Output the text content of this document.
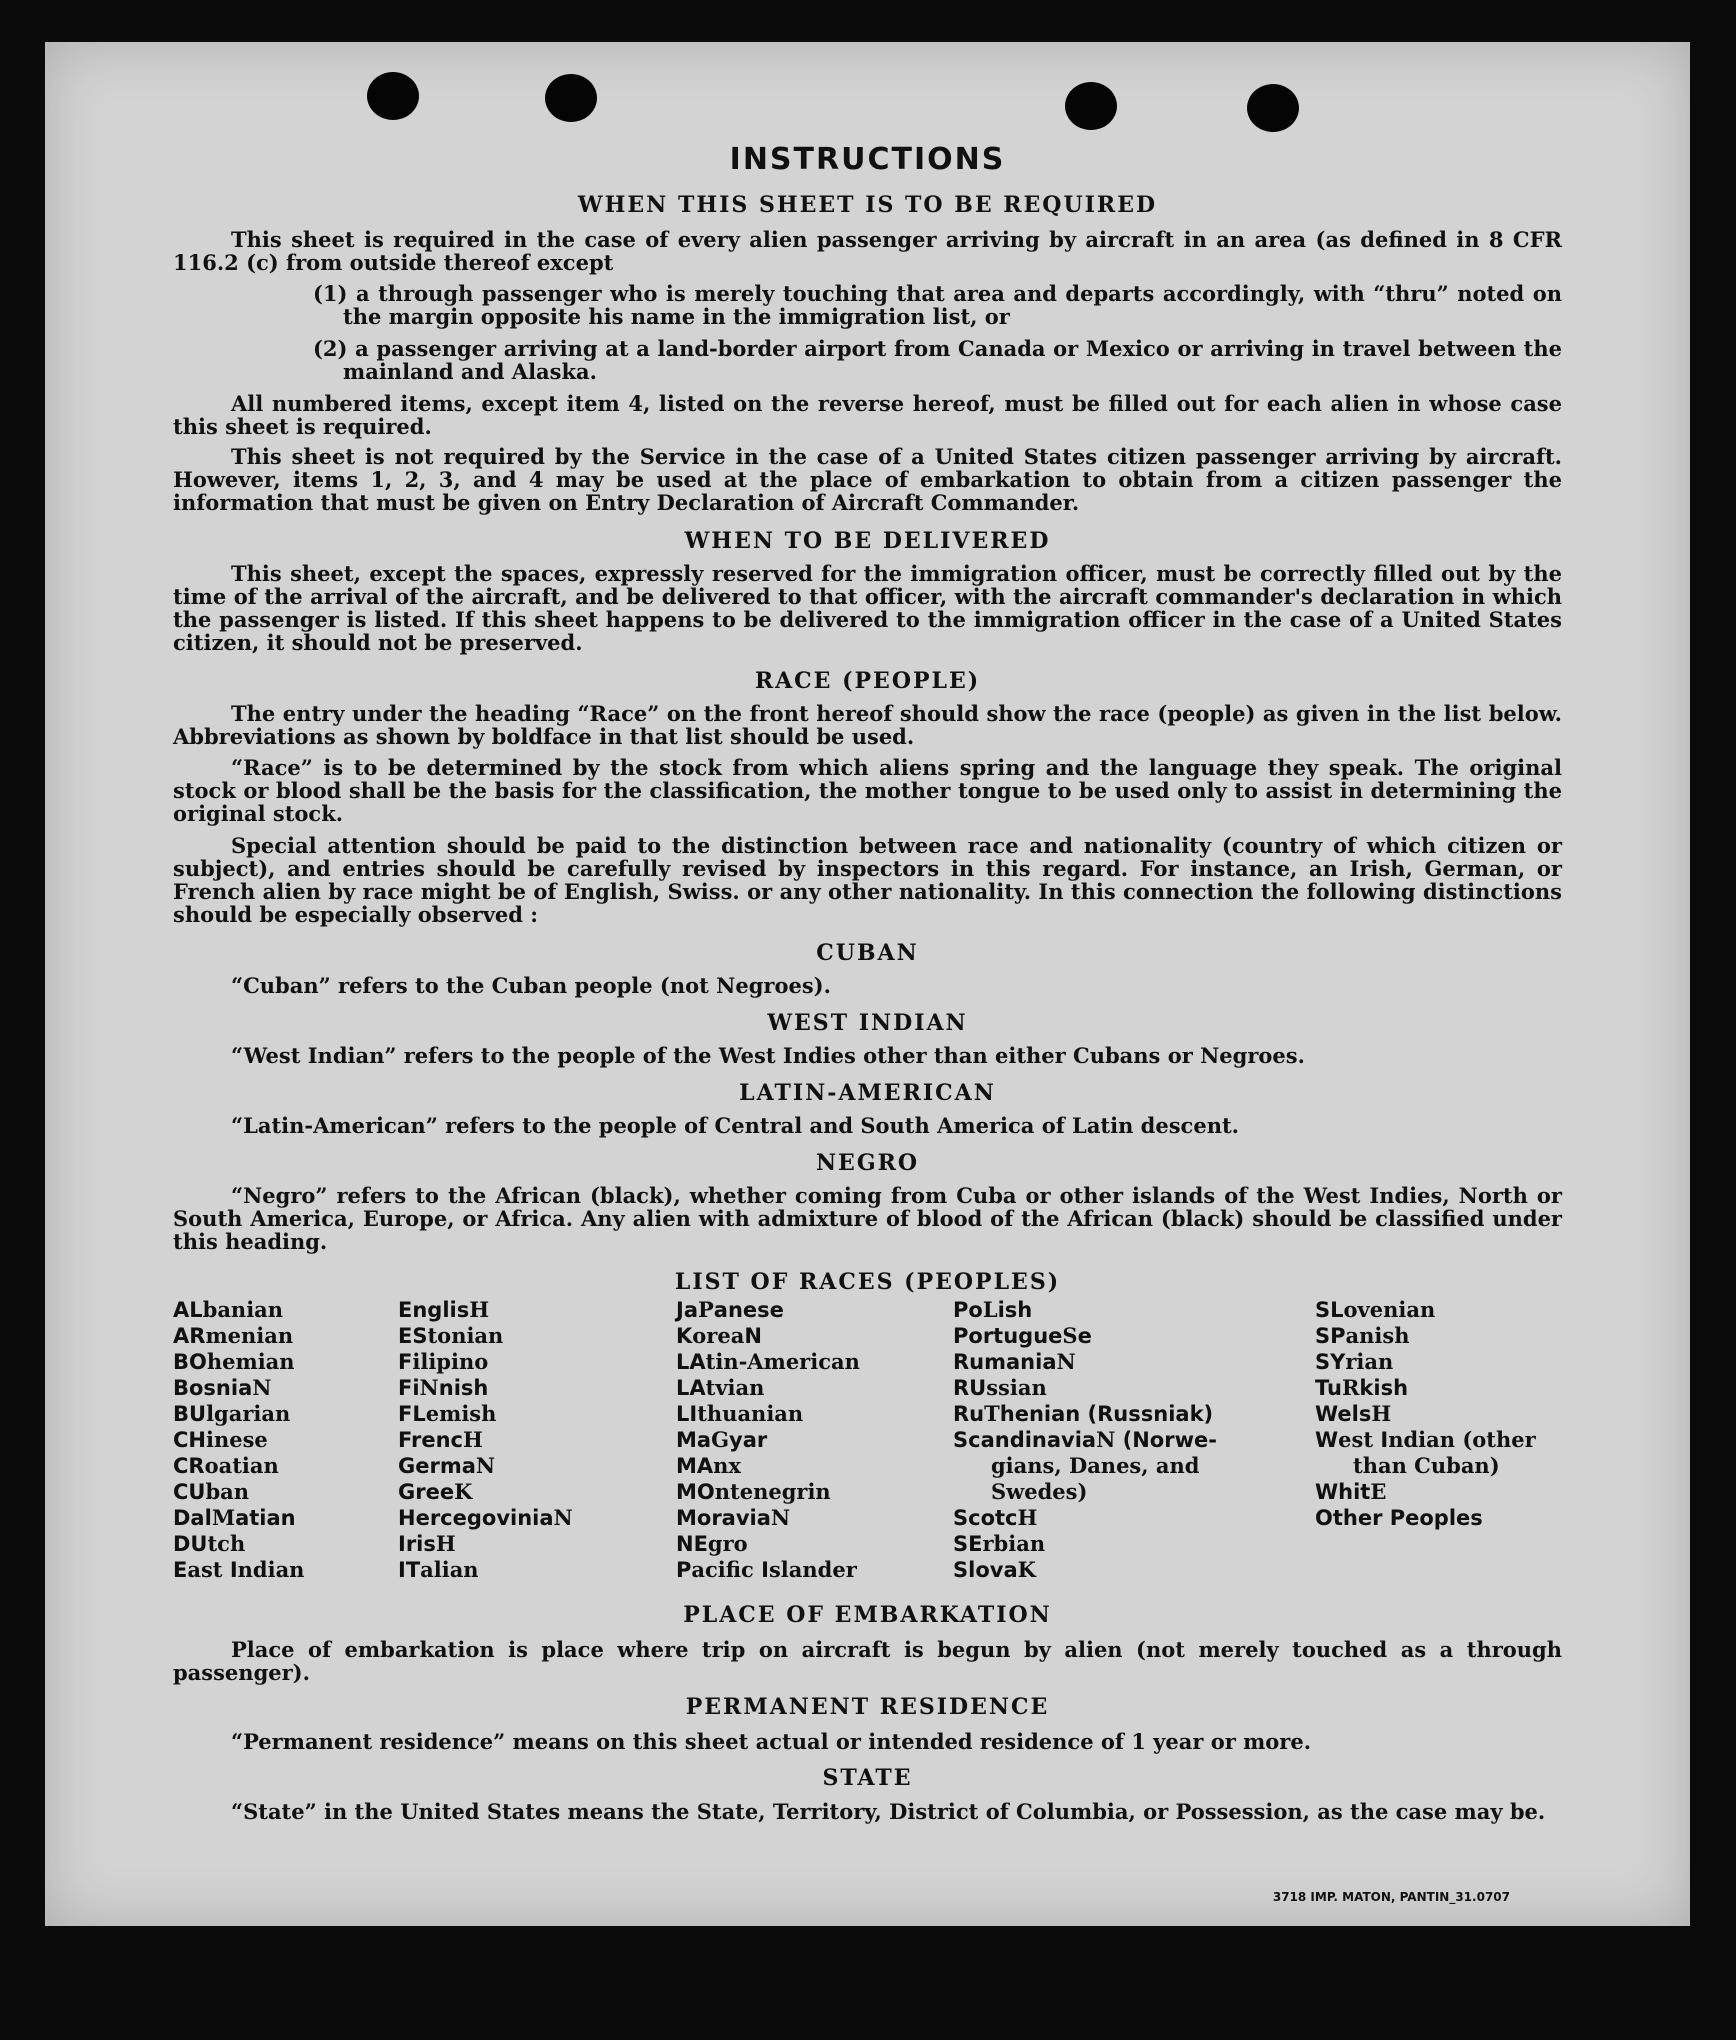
INSTRUCTIONS
WHEN THIS SHEET IS TO BE REQUIRED
This sheet is required in the case of every alien passenger arriving by aircraft in an area (as defined in 8 CFR 116.2 (c) from outside thereof except
(1) a through passenger who is merely touching that area and departs accordingly, with “thru” noted on the margin opposite his name in the immigration list, or
(2) a passenger arriving at a land-border airport from Canada or Mexico or arriving in travel between the mainland and Alaska.
All numbered items, except item 4, listed on the reverse hereof, must be filled out for each alien in whose case this sheet is required.
This sheet is not required by the Service in the case of a United States citizen passenger arriving by aircraft. However, items 1, 2, 3, and 4 may be used at the place of embarkation to obtain from a citizen passenger the information that must be given on Entry Declaration of Aircraft Commander.
WHEN TO BE DELIVERED
This sheet, except the spaces, expressly reserved for the immigration officer, must be correctly filled out by the time of the arrival of the aircraft, and be delivered to that officer, with the aircraft commander's declaration in which the passenger is listed. If this sheet happens to be delivered to the immigration officer in the case of a United States citizen, it should not be preserved.
RACE (PEOPLE)
The entry under the heading “Race” on the front hereof should show the race (people) as given in the list below. Abbreviations as shown by boldface in that list should be used.
“Race” is to be determined by the stock from which aliens spring and the language they speak. The original stock or blood shall be the basis for the classification, the mother tongue to be used only to assist in determining the original stock.
Special attention should be paid to the distinction between race and nationality (country of which citizen or subject), and entries should be carefully revised by inspectors in this regard. For instance, an Irish, German, or French alien by race might be of English, Swiss. or any other nationality. In this connection the following distinctions should be especially observed :
CUBAN
“Cuban” refers to the Cuban people (not Negroes).
WEST INDIAN
“West Indian” refers to the people of the West Indies other than either Cubans or Negroes.
LATIN-AMERICAN
“Latin-American” refers to the people of Central and South America of Latin descent.
NEGRO
“Negro” refers to the African (black), whether coming from Cuba or other islands of the West Indies, North or South America, Europe, or Africa. Any alien with admixture of blood of the African (black) should be classified under this heading.
LIST OF RACES (PEOPLES)
ALbanian
ARmenian
BOhemian
BosniaN
BUlgarian
CHinese
CRoatian
CUban
DalMatian
DUtch
East Indian
EnglisH
EStonian
Filipino
FiNnish
FLemish
FrencH
GermaN
GreeK
HercegoviniaN
IrisH
ITalian
JaPanese
KoreaN
LAtin-American
LAtvian
LIthuanian
MaGyar
MAnx
MOntenegrin
MoraviaN
NEgro
Pacific Islander
PoLish
PortugueSe
RumaniaN
RUssian
RuThenian (Russniak)
ScandinaviaN (Norwe-
gians, Danes, and
Swedes)
ScotcH
SErbian
SlovaK
SLovenian
SPanish
SYrian
TuRkish
WelsH
West Indian (other
than Cuban)
WhitE
Other Peoples
PLACE OF EMBARKATION
Place of embarkation is place where trip on aircraft is begun by alien (not merely touched as a through passenger).
PERMANENT RESIDENCE
“Permanent residence” means on this sheet actual or intended residence of 1 year or more.
STATE
“State” in the United States means the State, Territory, District of Columbia, or Possession, as the case may be.
3718 IMP. MATON, PANTIN_31.0707
